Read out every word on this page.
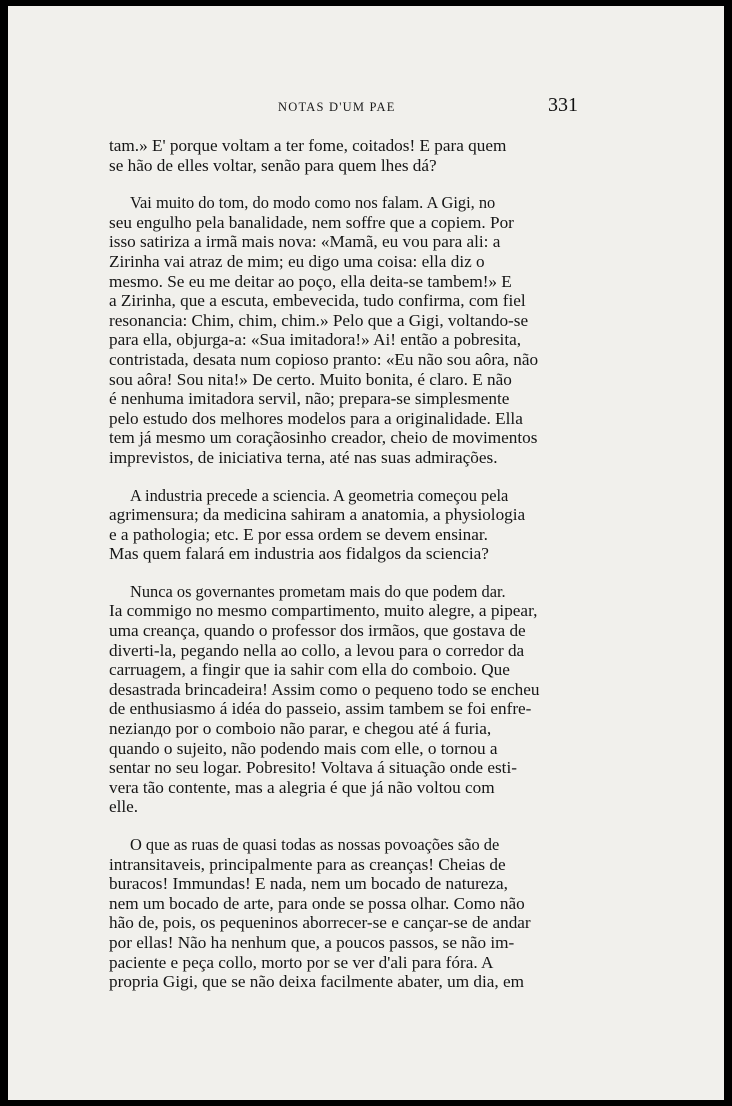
NOTAS D'UM PAE	331
tam.» E' porque voltam a ter fome, coitados! E para quem
se hão de elles voltar, senão para quem lhes dá?
Vai muito do tom, do modo como nos falam. A Gigi, no
seu engulho pela banalidade, nem soffre que a copiem. Por
isso satiriza a irmã mais nova: «Mamã, eu vou para ali: a
Zirinha vai atraz de mim; eu digo uma coisa: ella diz o
mesmo. Se eu me deitar ao poço, ella deita-se tambem!» E
a Zirinha, que a escuta, embevecida, tudo confirma, com fiel
resonancia: Chim, chim, chim.» Pelo que a Gigi, voltando-se
para ella, objurga-a: «Sua imitadora!» Ai! então a pobresita,
contristada, desata num copioso pranto: «Eu não sou aôra, não
sou aôra! Sou nita!» De certo. Muito bonita, é claro. E não
é nenhuma imitadora servil, não; prepara-se simplesmente
pelo estudo dos melhores modelos para a originalidade. Ella
tem já mesmo um coraçãosinho creador, cheio de movimentos
imprevistos, de iniciativa terna, até nas suas admirações.
A industria precede a sciencia. A geometria começou pela
agrimensura; da medicina sahiram a anatomia, a physiologia
e a pathologia; etc. E por essa ordem se devem ensinar.
Mas quem falará em industria aos fidalgos da sciencia?
Nunca os governantes prometam mais do que podem dar.
Ia commigo no mesmo compartimento, muito alegre, a pipear,
uma creança, quando o professor dos irmãos, que gostava de
diverti-la, pegando nella ao collo, a levou para o corredor da
carruagem, a fingir que ia sahir com ella do comboio. Que
desastrada brincadeira! Assim como o pequeno todo se encheu
de enthusiasmo á idéa do passeio, assim tambem se foi enfre-
nezianдо por o comboio não parar, e chegou até á furia,
quando o sujeito, não podendo mais com elle, o tornou a
sentar no seu logar. Pobresito! Voltava á situação onde esti-
vera tão contente, mas a alegria é que já não voltou com
elle.
O que as ruas de quasi todas as nossas povoações são de
intransitaveis, principalmente para as creanças! Cheias de
buracos! Immundas! E nada, nem um bocado de natureza,
nem um bocado de arte, para onde se possa olhar. Como não
hão de, pois, os pequeninos aborrecer-se e cançar-se de andar
por ellas! Não ha nenhum que, a poucos passos, se não im-
paciente e peça collo, morto por se ver d'ali para fóra. A
propria Gigi, que se não deixa facilmente abater, um dia, em
